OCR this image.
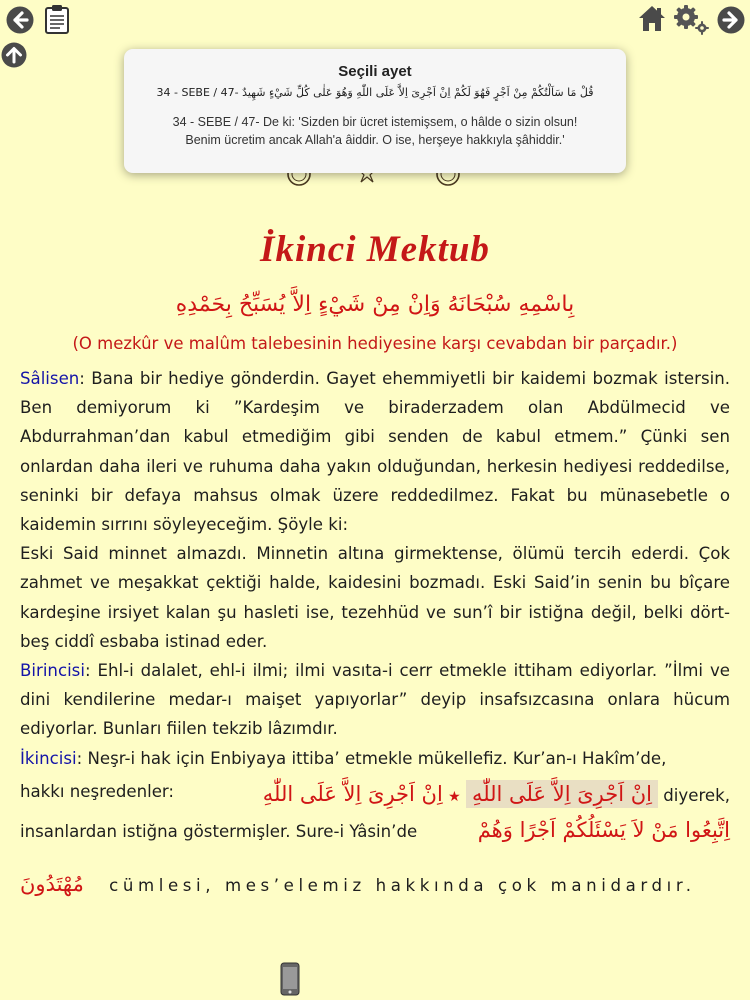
Seçili ayet
قُلْ مَا سَاَلْتُكُمْ مِنْ اَجْرٍ فَهُوَ لَكُمْ اِنْ اَجْرِىَ اِلاَّ عَلَى اللّٰهِ وَهُوَ عَلٰى كُلِّ شَيْءٍ شَهِيدٌ 34 - SEBE / 47-
34 - SEBE / 47- De ki: 'Sizden bir ücret istemişsem, o hâlde o sizin olsun!
Benim ücretim ancak Allah'a âiddir. O ise, herşeye hakkıyla şâhiddir.'
İkinci Mektub
بِاسْمِهِ سُبْحَانَهُ وَاِنْ مِنْ شَيْءٍ اِلاَّ يُسَبِّحُ بِحَمْدِهِ
(O mezkûr ve malûm talebesinin hediyesine karşı cevabdan bir parçadır.)

Sâlisen: Bana bir hediye gönderdin. Gayet ehemmiyetli bir kaidemi bozmak istersin. Ben demiyorum ki ”Kardeşim ve biraderzadem olan Abdülmecid ve Abdurrahman’dan kabul etmediğim gibi senden de kabul etmem.” Çünki sen onlardan daha ileri ve ruhuma daha yakın olduğundan, herkesin hediyesi reddedilse, seninki bir defaya mahsus olmak üzere reddedilmez. Fakat bu münasebetle o kaidemin sırrını söyleyeceğim. Şöyle ki:

Eski Said minnet almazdı. Minnetin altına girmektense, ölümü tercih ederdi. Çok zahmet ve meşakkat çektiği halde, kaidesini bozmadı. Eski Said’in senin bu bîçare kardeşine irsiyet kalan şu hasleti ise, tezehhüd ve sun’î bir istiğna değil, belki dört-beş ciddî esbaba istinad eder.

Birincisi: Ehl-i dalalet, ehl-i ilmi; ilmi vasıta-i cerr etmekle ittiham ediyorlar. ”İlmi ve dini kendilerine medar-ı maişet yapıyorlar” deyip insafsızcasına onlara hücum ediyorlar. Bunları fiilen tekzib lâzımdır.

İkincisi: Neşr-i hak için Enbiyaya ittiba’ etmekle mükellefiz. Kur’an-ı Hakîm’de,

hakkı neşredenler:	اِنْ اَجْرِىَ اِلاَّ عَلَى اللّٰهِ ★ اِنْ اَجْرِىَ اِلاَّ عَلَى اللّٰهِ diyerek,
insanlardan istiğna göstermişler. Sure-i Yâsin’de	اِتَّبِعُوا مَنْ لاَ يَسْئَلُكُمْ اَجْرًا وَهُمْ
مُهْتَدُونَ cümlesi, mes’elemiz hakkında çok manidardır.
